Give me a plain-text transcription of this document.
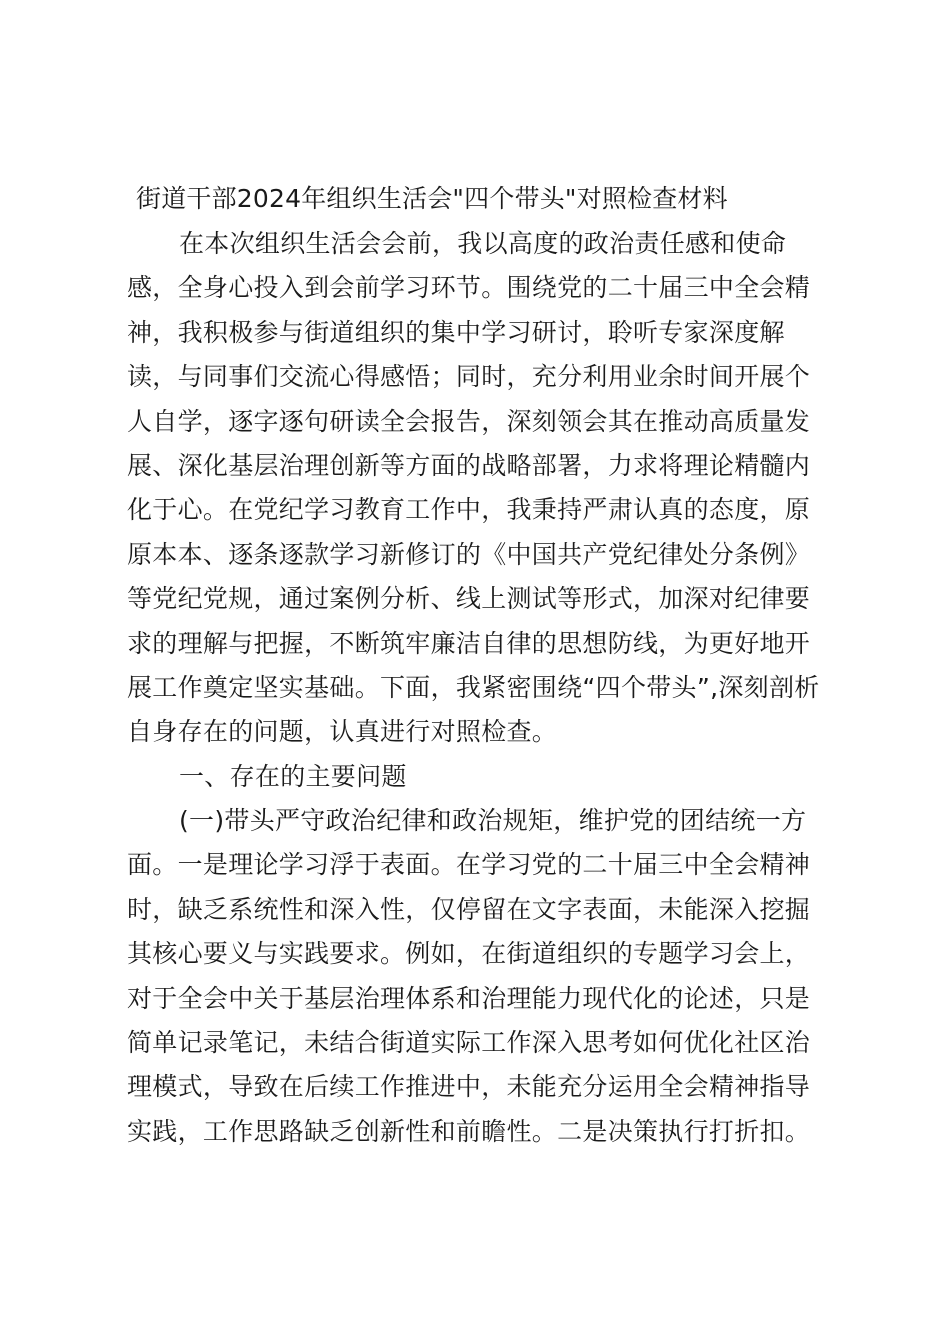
街道干部2024年组织生活会"四个带头"对照检查材料
在本次组织生活会会前，我以高度的政治责任感和使命
感，全身心投入到会前学习环节。围绕党的二十届三中全会精
神，我积极参与街道组织的集中学习研讨，聆听专家深度解
读，与同事们交流心得感悟；同时，充分利用业余时间开展个
人自学，逐字逐句研读全会报告，深刻领会其在推动高质量发
展、深化基层治理创新等方面的战略部署，力求将理论精髓内
化于心。在党纪学习教育工作中，我秉持严肃认真的态度，原
原本本、逐条逐款学习新修订的《中国共产党纪律处分条例》
等党纪党规，通过案例分析、线上测试等形式，加深对纪律要
求的理解与把握，不断筑牢廉洁自律的思想防线，为更好地开
展工作奠定坚实基础。下面，我紧密围绕“四个带头”,深刻剖析
自身存在的问题，认真进行对照检查。
一、存在的主要问题
(一)带头严守政治纪律和政治规矩，维护党的团结统一方
面。一是理论学习浮于表面。在学习党的二十届三中全会精神
时，缺乏系统性和深入性，仅停留在文字表面，未能深入挖掘
其核心要义与实践要求。例如，在街道组织的专题学习会上，
对于全会中关于基层治理体系和治理能力现代化的论述，只是
简单记录笔记，未结合街道实际工作深入思考如何优化社区治
理模式，导致在后续工作推进中，未能充分运用全会精神指导
实践，工作思路缺乏创新性和前瞻性。二是决策执行打折扣。
